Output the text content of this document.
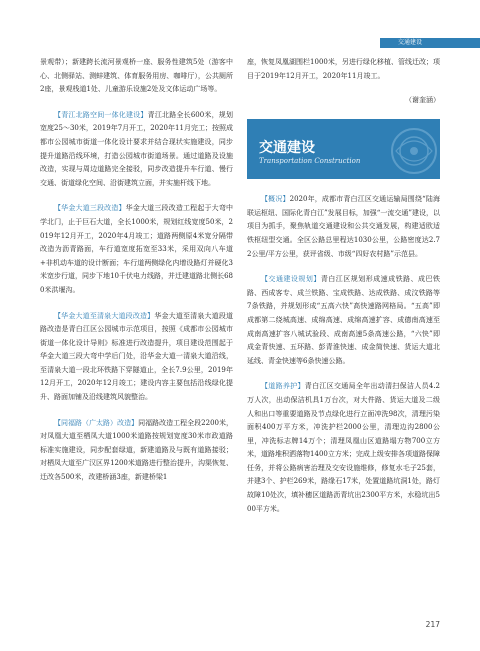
交通建设
景观带）；新建跨长流河景观桥一座、服务性建筑5处（游客中心、北侧驿站、测蚌建筑、体育服务用房、咖啡厅），公共厕所2座，景观栈道1处、儿童游乐设施2处及文体运动广场等。
【青江北路空间一体化建设】青江北路全长600米，规划宽度25～30米，2019年7月开工，2020年11月完工；按照成都市公园城市街道一体化设计要求并结合现状实施建设，同步提升道路沿线环境，打造公园城市街道场景。通过道路及设施改造，实现与周边道路完全接驳，同步改造提升车行道、慢行交通、街道绿化空间、沿街建筑立面，并实施杆线下地。
【华金大道三段改造】华金大道三段改造工程起于大弯中学北门，止于巨石大道，全长1000米，规划红线宽度50米，2019年12月开工，2020年4月竣工；道路两侧原4米宽分隔带改造为沥青路面，车行道宽度拓宽至33米，采用双向八车道+非机动车道的设计断面；车行道两侧绿化内增设路灯并硬化3米宽步行道，同步下地10千伏电力线路，并迁建道路北侧长680米洪堰沟。
【华金大道至清泉大道段改造】华金大道至清泉大道段道路改造是青白江区公园城市示范项目，按照《成都市公园城市街道一体化设计导则》标准进行改造提升，项目建设范围起于华金大道三段大弯中学后门处，沿华金大道一清泉大道沿线，至清泉大道一段北环铁路下穿隧道止，全长7.9公里，2019年12月开工，2020年12月竣工；建设内容主要包括沿线绿化提升、路面加铺及沿线建筑风貌整治。
【同福路（广太路）改造】同福路改造工程全段2200米，对凤凰大道至栖凤大道1000米道路按规划宽度30米市政道路标准实施建设，同步配套绿道，新建道路及与既有道路接驳；对栖凤大道至广汉区界1200米道路进行整治提升，沟渠恢复、迁改各500米，改建桥涵3座，新建桥梁1
座，恢复凤凰湖围栏1000米，另进行绿化移植、管线迁改；项目于2019年12月开工，2020年11月竣工。
（谢奎涵）
交通建设
Transportation Construction
【概况】2020年，成都市青白江区交通运输局围绕“陆海联运枢纽、国际化青白江”发展目标，加强“一流交通”建设，以项目为抓手，聚焦轨道交通建设和公共交通发展，构建适欧适铁枢纽型交通。全区公路总里程达1030公里，公路密度达2.72公里/平方公里，获评省级、市级“四好农村路”示范县。
【交通建设规划】青白江区规划形成速成铁路、成巴铁路、西成客专、成兰铁路、宝成铁路、达成铁路、成汶铁路等7条铁路，并规划形成“五高六快”高快速路网格局。“五高”即成都第二绕城高速、成绵高速、成绵高速扩容、成德南高速至成南高速扩容八城试验段、成南高速5条高速公路，“六快”即成金青快速、五环路、彭青淮快速、成金简快速、货运大道北延线、青金快速等6条快速公路。
【道路养护】青白江区交通局全年出动清扫保洁人员4.2万人次，出动保洁机具1万台次，对大件路、货运大道及二级人和出口等重要道路及节点绿化进行立面冲洗98次，清理污染面积400万平方米，冲洗护栏2000公里，清理边沟2800公里，冲洗标志牌14万个；清理凤凰山区道路塌方物700立方米，道路堆积洒落物1400立方米；完成上级安排各项道路保障任务，并将公路病害治理及交安设施维修，修复水毛子25套，并建3个、护栏269米，路缘石17米，处置道路坑洞1处，路灯故障10处次，填补穗区道路沥青坑出2300平方米，水稳坑出500平方米。
217
